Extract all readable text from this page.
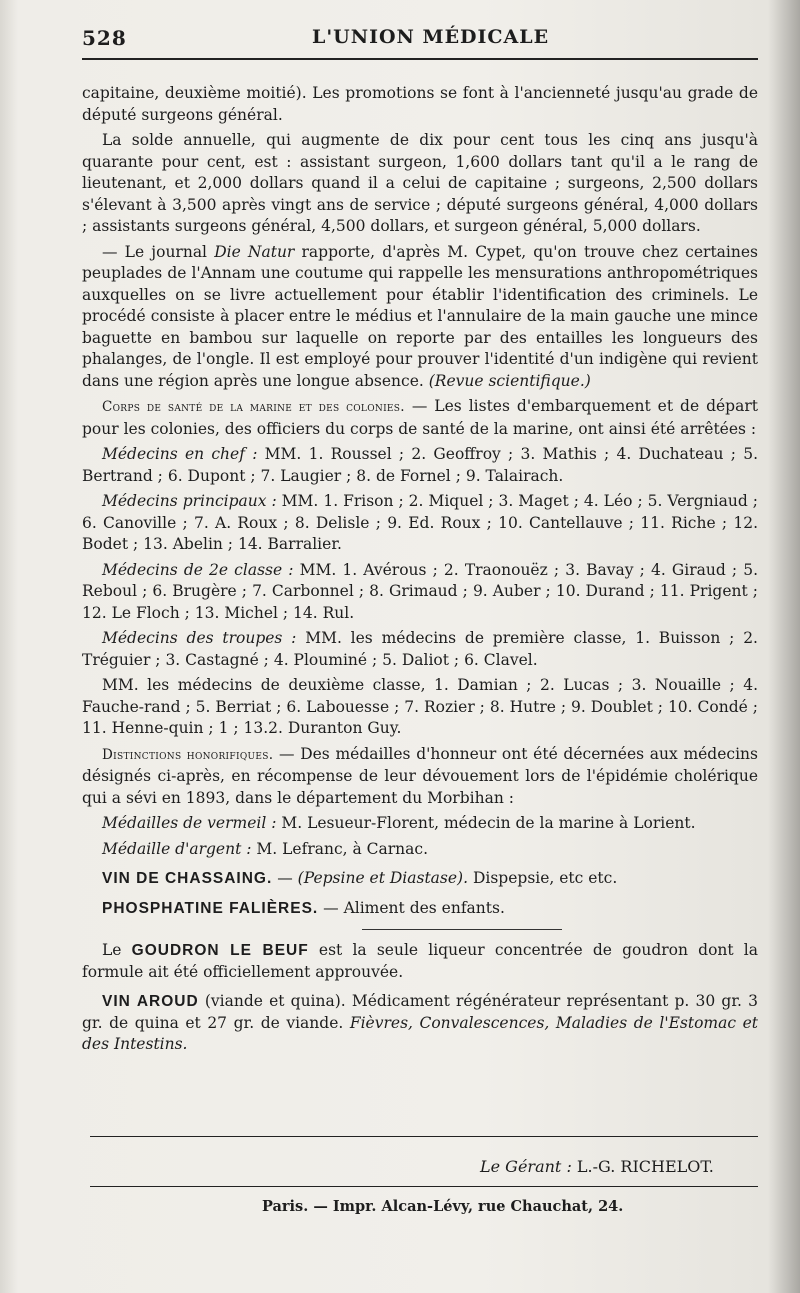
528	L'UNION MÉDICALE

capitaine, deuxième moitié). Les promotions se font à l'ancienneté jusqu'au grade de député surgeons général.

La solde annuelle, qui augmente de dix pour cent tous les cinq ans jusqu'à quarante pour cent, est : assistant surgeon, 1,600 dollars tant qu'il a le rang de lieutenant, et 2,000 dollars quand il a celui de capitaine ; surgeons, 2,500 dollars s'élevant à 3,500 après vingt ans de service ; député surgeons général, 4,000 dollars ; assistants surgeons général, 4,500 dollars, et surgeon général, 5,000 dollars.

— Le journal Die Natur rapporte, d'après M. Cypet, qu'on trouve chez certaines peuplades de l'Annam une coutume qui rappelle les mensurations anthropométriques auxquelles on se livre actuellement pour établir l'identification des criminels. Le procédé consiste à placer entre le médius et l'annulaire de la main gauche une mince baguette en bambou sur laquelle on reporte par des entailles les longueurs des phalanges, de l'ongle. Il est employé pour prouver l'identité d'un indigène qui revient dans une région après une longue absence. (Revue scientifique.)

Corps de santé de la marine et des colonies. — Les listes d'embarquement et de départ pour les colonies, des officiers du corps de santé de la marine, ont ainsi été arrêtées :

Médecins en chef : MM. 1. Roussel ; 2. Geoffroy ; 3. Mathis ; 4. Duchateau ; 5. Bertrand ; 6. Dupont ; 7. Laugier ; 8. de Fornel ; 9. Talairach.

Médecins principaux : MM. 1. Frison ; 2. Miquel ; 3. Maget ; 4. Léo ; 5. Vergniaud ; 6. Canoville ; 7. A. Roux ; 8. Delisle ; 9. Ed. Roux ; 10. Cantellauve ; 11. Riche ; 12. Bodet ; 13. Abelin ; 14. Barralier.

Médecins de 2e classe : MM. 1. Avérous ; 2. Traonouëz ; 3. Bavay ; 4. Giraud ; 5. Reboul ; 6. Brugère ; 7. Carbonnel ; 8. Grimaud ; 9. Auber ; 10. Durand ; 11. Prigent ; 12. Le Floch ; 13. Michel ; 14. Rul.

Médecins des troupes : MM. les médecins de première classe, 1. Buisson ; 2. Tréguier ; 3. Castagné ; 4. Plouminé ; 5. Daliot ; 6. Clavel.

MM. les médecins de deuxième classe, 1. Damian ; 2. Lucas ; 3. Nouaille ; 4. Fauche-rand ; 5. Berriat ; 6. Labouesse ; 7. Rozier ; 8. Hutre ; 9. Doublet ; 10. Condé ; 11. Henne-quin ; 1 ; 13.2. Duranton Guy.

Distinctions honorifiques. — Des médailles d'honneur ont été décernées aux médecins désignés ci-après, en récompense de leur dévouement lors de l'épidémie cholérique qui a sévi en 1893, dans le département du Morbihan :

Médailles de vermeil : M. Lesueur-Florent, médecin de la marine à Lorient.

Médaille d'argent : M. Lefranc, à Carnac.

VIN DE CHASSAING. — (Pepsine et Diastase). Dispepsie, etc etc.

PHOSPHATINE FALIÈRES. — Aliment des enfants.

Le GOUDRON LE BEUF est la seule liqueur concentrée de goudron dont la formule ait été officiellement approuvée.

VIN AROUD (viande et quina). Médicament régénérateur représentant p. 30 gr. 3 gr. de quina et 27 gr. de viande. Fièvres, Convalescences, Maladies de l'Estomac et des Intestins.

Le Gérant : L.-G. RICHELOT.
Paris. — Impr. Alcan-Lévy, rue Chauchat, 24.
